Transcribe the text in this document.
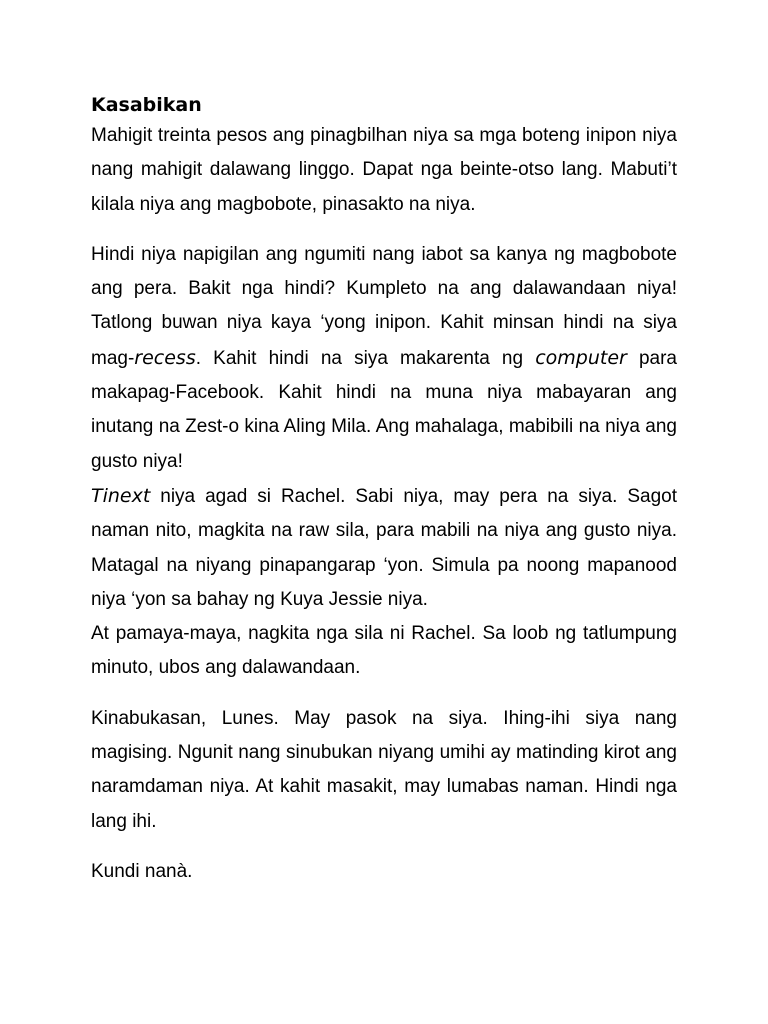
Kasabikan

Mahigit treinta pesos ang pinagbilhan niya sa mga boteng inipon niya nang mahigit dalawang linggo. Dapat nga beinte-otso lang. Mabuti’t kilala niya ang magbobote, pinasakto na niya.

Hindi niya napigilan ang ngumiti nang iabot sa kanya ng magbobote ang pera. Bakit nga hindi? Kumpleto na ang dalawandaan niya! Tatlong buwan niya kaya ‘yong inipon. Kahit minsan hindi na siya mag-recess. Kahit hindi na siya makarenta ng computer para makapag-Facebook. Kahit hindi na muna niya mabayaran ang inutang na Zest-o kina Aling Mila. Ang mahalaga, mabibili na niya ang gusto niya!

Tinext niya agad si Rachel. Sabi niya, may pera na siya. Sagot naman nito, magkita na raw sila, para mabili na niya ang gusto niya. Matagal na niyang pinapangarap ‘yon. Simula pa noong mapanood niya ‘yon sa bahay ng Kuya Jessie niya.

At pamaya-maya, nagkita nga sila ni Rachel. Sa loob ng tatlumpung minuto, ubos ang dalawandaan.

Kinabukasan, Lunes. May pasok na siya. Ihing-ihi siya nang magising. Ngunit nang sinubukan niyang umihi ay matinding kirot ang naramdaman niya. At kahit masakit, may lumabas naman. Hindi nga lang ihi.

Kundi nanà.
